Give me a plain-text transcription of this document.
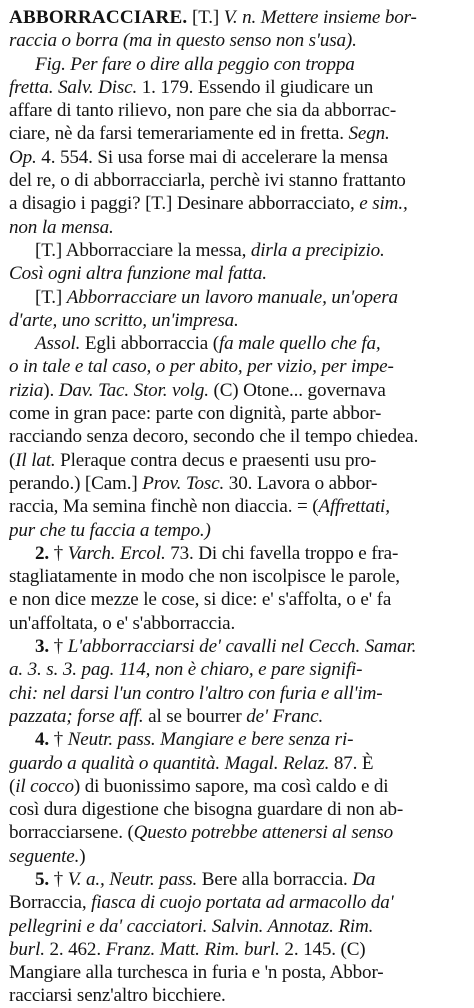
ABBORRACCIARE. [T.] V. n. Mettere insieme bor-
raccia o borra (ma in questo senso non s'usa).
Fig. Per fare o dire alla peggio con troppa
fretta. Salv. Disc. 1. 179. Essendo il giudicare un
affare di tanto rilievo, non pare che sia da abborrac-
ciare, nè da farsi temerariamente ed in fretta. Segn.
Op. 4. 554. Si usa forse mai di accelerare la mensa
del re, o di abborracciarla, perchè ivi stanno frattanto
a disagio i paggi? [T.] Desinare abborracciato, e sim.,
non la mensa.
[T.] Abborracciare la messa, dirla a precipizio.
Così ogni altra funzione mal fatta.
[T.] Abborracciare un lavoro manuale, un'opera
d'arte, uno scritto, un'impresa.
Assol. Egli abborraccia (fa male quello che fa,
o in tale e tal caso, o per abito, per vizio, per impe-
rizia). Dav. Tac. Stor. volg. (C) Otone... governava
come in gran pace: parte con dignità, parte abbor-
racciando senza decoro, secondo che il tempo chiedea.
(Il lat. Pleraque contra decus e praesenti usu pro-
perando.) [Cam.] Prov. Tosc. 30. Lavora o abbor-
raccia, Ma semina finchè non diaccia. = (Affrettati,
pur che tu faccia a tempo.)
2. † Varch. Ercol. 73. Di chi favella troppo e fra-
stagliatamente in modo che non iscolpisce le parole,
e non dice mezze le cose, si dice: e' s'affolta, o e' fa
un'affoltata, o e' s'abborraccia.
3. † L'abborracciarsi de' cavalli nel Cecch. Samar.
a. 3. s. 3. pag. 114, non è chiaro, e pare signifi-
chi: nel darsi l'un contro l'altro con furia e all'im-
pazzata; forse aff. al se bourrer de' Franc.
4. † Neutr. pass. Mangiare e bere senza ri-
guardo a qualità o quantità. Magal. Relaz. 87. È
(il cocco) di buonissimo sapore, ma così caldo e di
così dura digestione che bisogna guardare di non ab-
borracciarsene. (Questo potrebbe attenersi al senso
seguente.)
5. † V. a., Neutr. pass. Bere alla borraccia. Da
Borraccia, fiasca di cuojo portata ad armacollo da'
pellegrini e da' cacciatori. Salvin. Annotaz. Rim.
burl. 2. 462. Franz. Matt. Rim. burl. 2. 145. (C)
Mangiare alla turchesca in furia e 'n posta, Abbor-
racciarsi senz'altro bicchiere.
